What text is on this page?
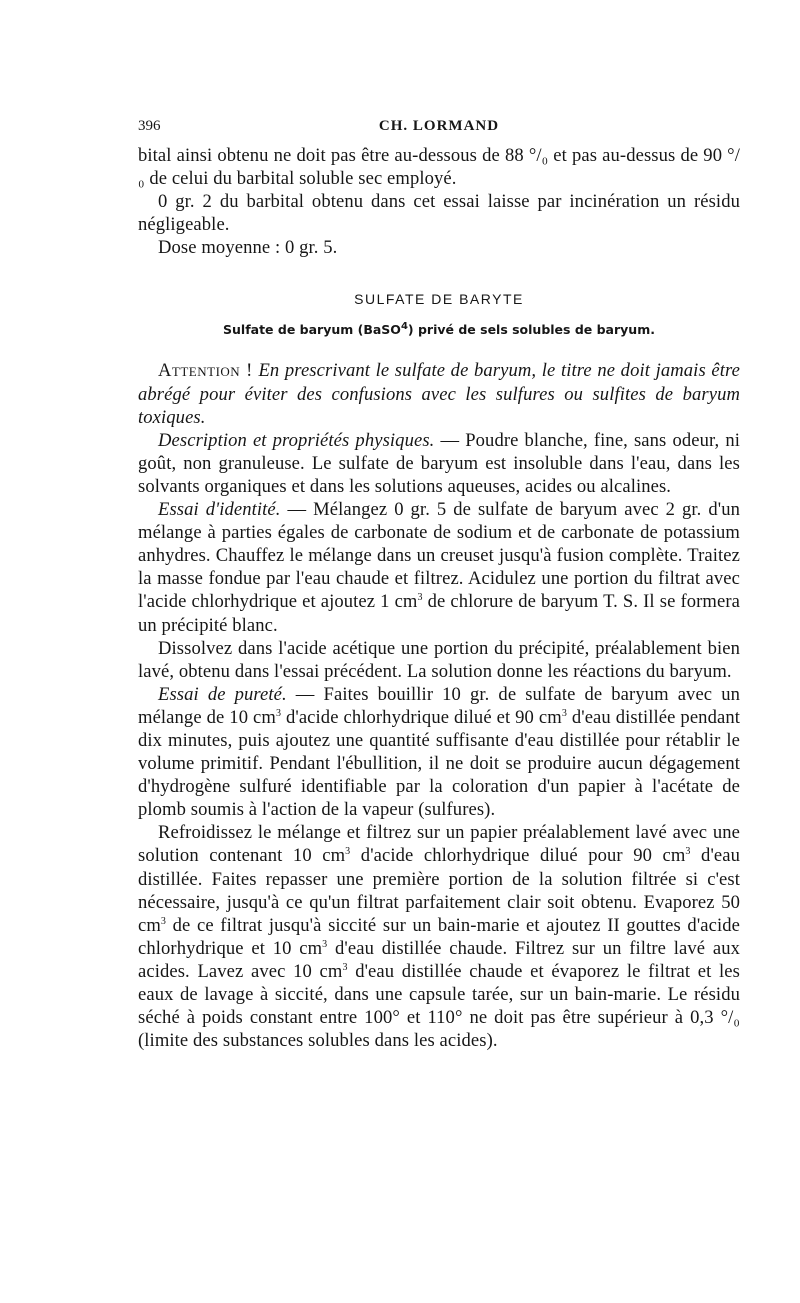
396	CH. LORMAND

bital ainsi obtenu ne doit pas être au-dessous de 88 °/₀ et pas au-dessus de 90 °/₀ de celui du barbital soluble sec employé.

0 gr. 2 du barbital obtenu dans cet essai laisse par incinération un résidu négligeable.

Dose moyenne : 0 gr. 5.

SULFATE DE BARYTE
Sulfate de baryum (BaSO$^4$) privé de sels solubles de baryum.

Attention ! En prescrivant le sulfate de baryum, le titre ne doit jamais être abrégé pour éviter des confusions avec les sulfures ou sulfites de baryum toxiques.

Description et propriétés physiques. — Poudre blanche, fine, sans odeur, ni goût, non granuleuse. Le sulfate de baryum est insoluble dans l'eau, dans les solvants organiques et dans les solutions aqueuses, acides ou alcalines.

Essai d'identité. — Mélangez 0 gr. 5 de sulfate de baryum avec 2 gr. d'un mélange à parties égales de carbonate de sodium et de carbonate de potassium anhydres. Chauffez le mélange dans un creuset jusqu'à fusion complète. Traitez la masse fondue par l'eau chaude et filtrez. Acidulez une portion du filtrat avec l'acide chlorhydrique et ajoutez 1 $cm^3$ de chlorure de baryum T. S. Il se formera un précipité blanc.

Dissolvez dans l'acide acétique une portion du précipité, préalablement bien lavé, obtenu dans l'essai précédent. La solution donne les réactions du baryum.

Essai de pureté. — Faites bouillir 10 gr. de sulfate de baryum avec un mélange de 10 $cm^3$ d'acide chlorhydrique dilué et 90 $cm^3$ d'eau distillée pendant dix minutes, puis ajoutez une quantité suffisante d'eau distillée pour rétablir le volume primitif. Pendant l'ébullition, il ne doit se produire aucun dégagement d'hydrogène sulfuré identifiable par la coloration d'un papier à l'acétate de plomb soumis à l'action de la vapeur (sulfures).

Refroidissez le mélange et filtrez sur un papier préalablement lavé avec une solution contenant 10 $cm^3$ d'acide chlorhydrique dilué pour 90 $cm^3$ d'eau distillée. Faites repasser une première portion de la solution filtrée si c'est nécessaire, jusqu'à ce qu'un filtrat parfaitement clair soit obtenu. Evaporez 50 $cm^3$ de ce filtrat jusqu'à siccité sur un bain-marie et ajoutez II gouttes d'acide chlorhydrique et 10 $cm^3$ d'eau distillée chaude. Filtrez sur un filtre lavé aux acides. Lavez avec 10 $cm^3$ d'eau distillée chaude et évaporez le filtrat et les eaux de lavage à siccité, dans une capsule tarée, sur un bain-marie. Le résidu séché à poids constant entre 100° et 110° ne doit pas être supérieur à 0,3 °/₀ (limite des substances solubles dans les acides).
